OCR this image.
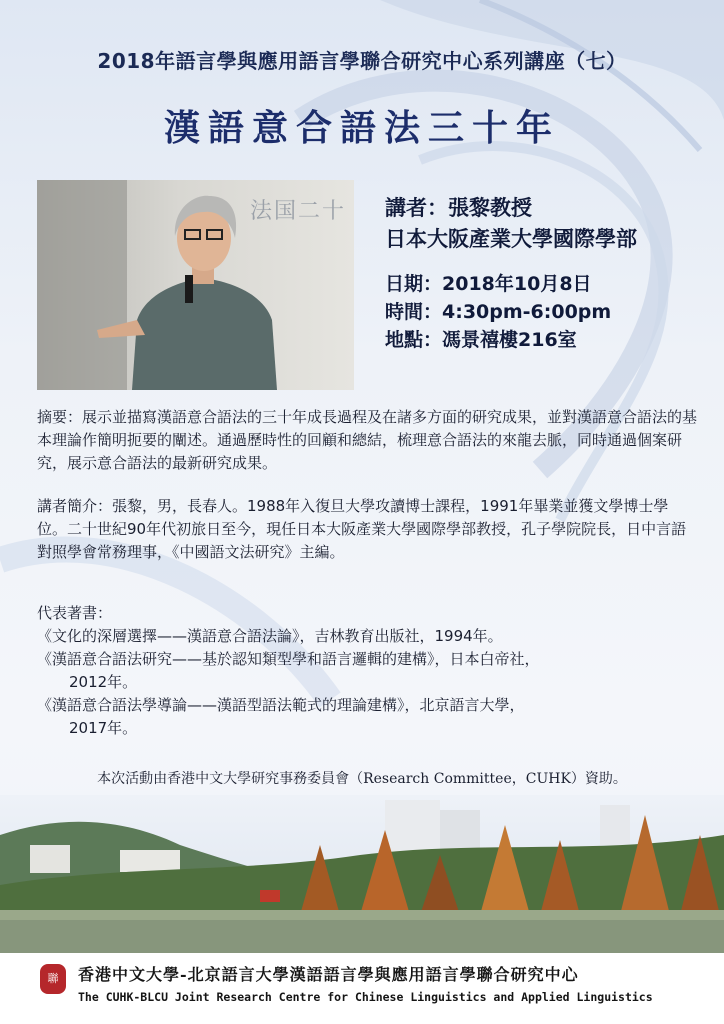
2018年語言學與應用語言學聯合研究中心系列講座（七）
漢語意合語法三十年
法国二十 講者：張黎教授
日本大阪產業大學國際學部
日期：2018年10月8日
時間：4:30pm-6:00pm
地點：馮景禧樓216室
摘要：展示並描寫漢語意合語法的三十年成長過程及在諸多方面的研究成果，並對漢語意合語法的基本理論作簡明扼要的闡述。通過歷時性的回顧和總結，梳理意合語法的來龍去脈，同時通過個案研究，展示意合語法的最新研究成果。
講者簡介：張黎，男，長春人。1988年入復旦大學攻讀博士課程，1991年畢業並獲文學博士學位。二十世紀90年代初旅日至今，現任日本大阪產業大學國際學部教授，孔子學院院長，日中言語對照學會常務理事，《中國語文法研究》主編。
代表著書：
《文化的深層選擇——漢語意合語法論》，吉林教育出版社，1994年。
《漢語意合語法研究——基於認知類型學和語言邏輯的建構》，日本白帝社，
2012年。
《漢語意合語法學導論——漢語型語法範式的理論建構》，北京語言大學，
2017年。
本次活動由香港中文大學研究事務委員會（Research Committee，CUHK）資助。
聯	香港中文大學-北京語言大學漢語語言學與應用語言學聯合研究中心
The CUHK-BLCU Joint Research Centre for Chinese Linguistics and Applied Linguistics
